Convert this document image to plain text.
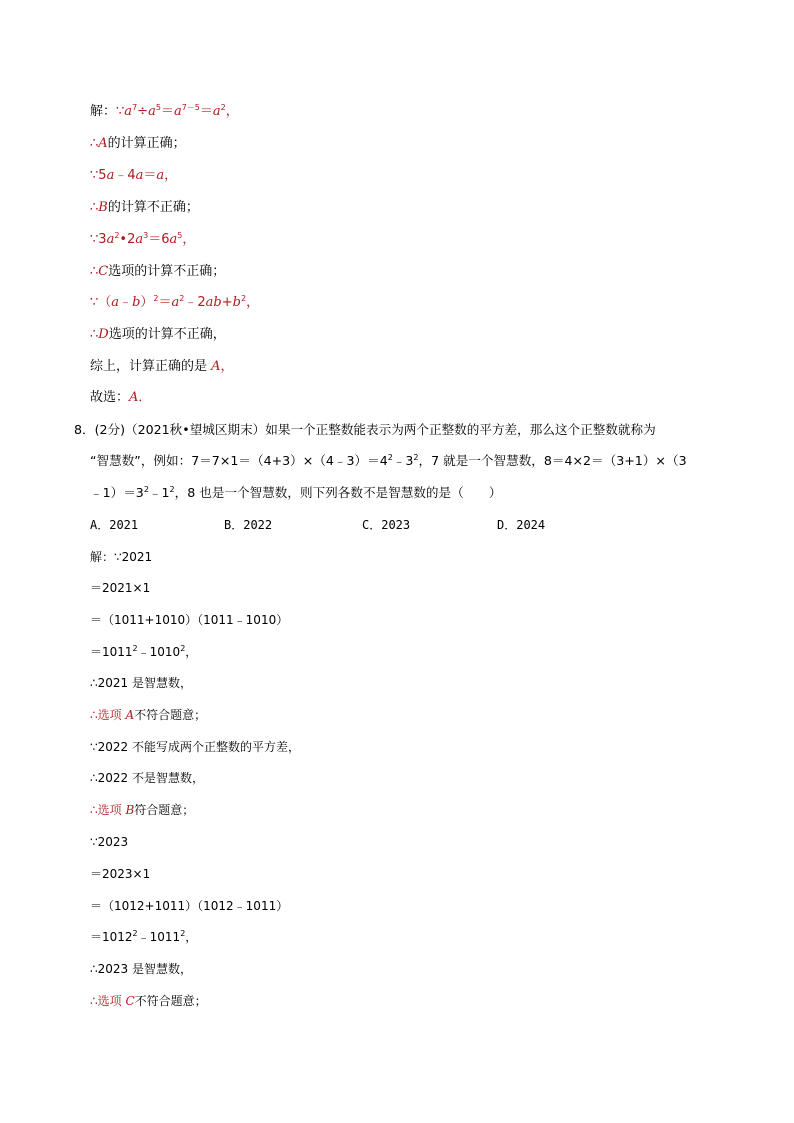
解：$\because a^7\div a^5=a^{7-5}=a^2$，
∴A的计算正确；
∵5a﹣4a＝a，
∴B的计算不正确；
$\because 3a^2•2a^3=6a^5$，
∴C选项的计算不正确；
$\because(a﹣b)^2=a^2﹣2ab+b^2$，
∴D选项的计算不正确，
综上，计算正确的是 A，
故选：A．
8．(2分)（2021秋•望城区期末）如果一个正整数能表示为两个正整数的平方差，那么这个正整数就称为
“智慧数”，例如：$7=7\times 1=(4+3)\times(4﹣3)=4^2﹣3^2$，7 就是一个智慧数，8＝4×2＝（3+1）×（3
$﹣1)=3^2﹣1^2$，8 也是一个智慧数，则下列各数不是智慧数的是（　　）
A．2021	B．2022	C．2023	D．2024
解：∵2021
＝2021×1
＝（1011+1010）（1011﹣1010）
$=1011^2﹣1010^2$，
∴2021 是智慧数，
∴选项 A不符合题意；
∵2022 不能写成两个正整数的平方差，
∴2022 不是智慧数，
∴选项 B符合题意；
∵2023
＝2023×1
＝（1012+1011）（1012﹣1011）
$=1012^2﹣1011^2$，
∴2023 是智慧数，
∴选项 C不符合题意；
